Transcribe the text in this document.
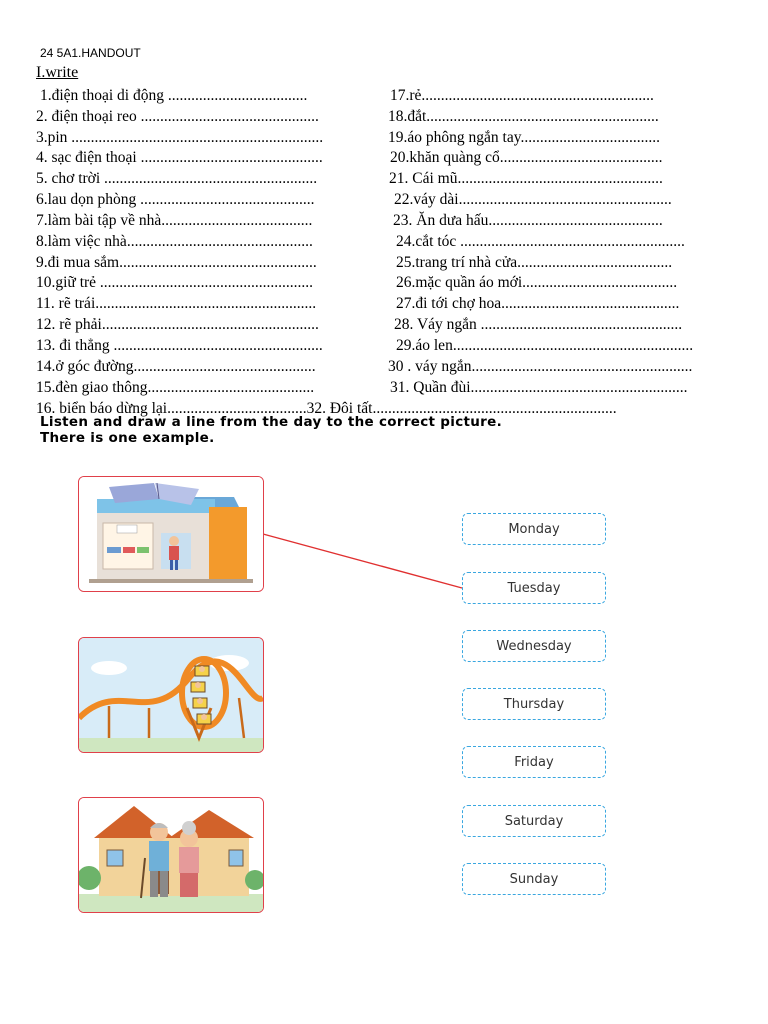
24 5A1.HANDOUT
I.write
1.điện thoại di động ....................................	17.rẻ............................................................
2. điện thoại reo ..............................................	18.đắt............................................................
3.pin .................................................................	19.áo phông ngắn tay....................................
4. sạc điện thoại ...............................................	20.khăn quàng cổ..........................................
5. chơ trời .......................................................	21. Cái mũ.....................................................
6.lau dọn phòng .............................................	22.váy dài.......................................................
7.làm bài tập về nhà.......................................	23. Ăn dưa hấu.............................................
8.làm việc nhà................................................	24.cắt tóc ..........................................................
9.đi mua sắm...................................................	25.trang trí nhà cửa........................................
10.giữ trẻ .......................................................	26.mặc quần áo mới........................................
11. rẽ trái.........................................................	27.đi tới chợ hoa..............................................
12. rẽ phải........................................................	28. Váy ngắn ....................................................
13. đi thẳng ......................................................	29.áo len..............................................................
14.ở góc đường...............................................	30 . váy ngắn.........................................................
15.đèn giao thông...........................................	31. Quần đùi........................................................
16. biển báo dừng lại....................................32. Đôi tất...............................................................
Listen and draw a line from the day to the correct picture.
There is one example.
Monday
Tuesday
Wednesday
Thursday
Friday
Saturday
Sunday
